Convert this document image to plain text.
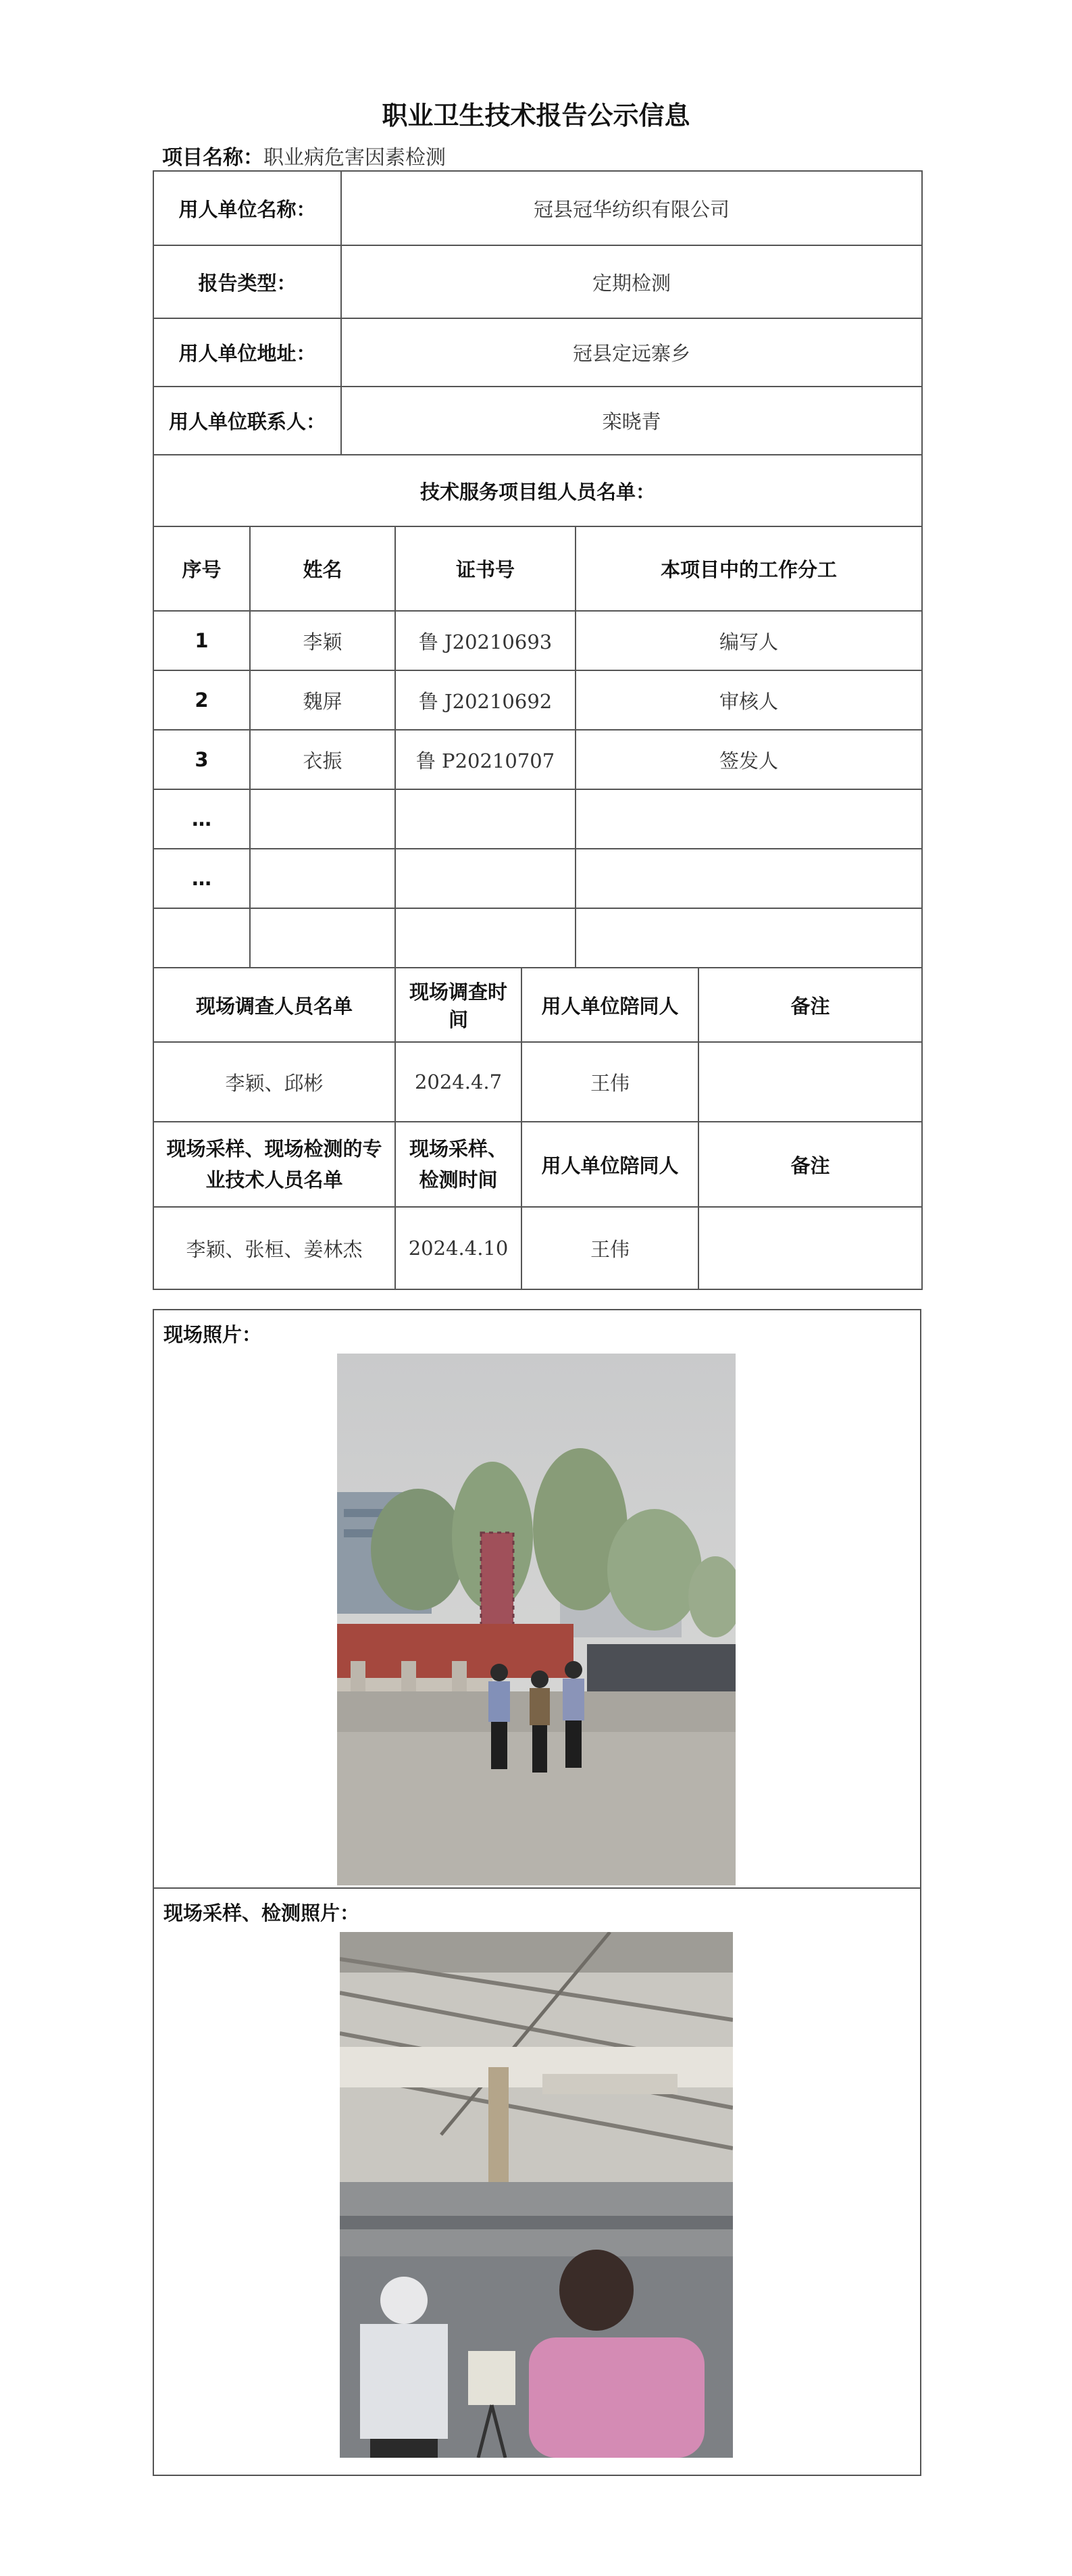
职业卫生技术报告公示信息
项目名称：职业病危害因素检测
用人单位名称：		冠县冠华纺织有限公司				
报告类型：		定期检测				
用人单位地址：		冠县定远寨乡				
用人单位联系人：		栾晓青				
技术服务项目组人员名单：						
序号	姓名		证书号		本项目中的工作分工	
1	李颖		鲁 J20210693		编写人	
2	魏屏		鲁 J20210692		审核人	
3	衣振		鲁 P20210707		签发人	
…						
…						

现场调查人员名单			现场调查时间	用人单位陪同人		备注
李颖、邱彬			2024.4.7	王伟		
现场采样、现场检测的专业技术人员名单			现场采样、检测时间	用人单位陪同人		备注
李颖、张桓、姜林杰			2024.4.10	王伟		
现场照片：
现场采样、检测照片：
